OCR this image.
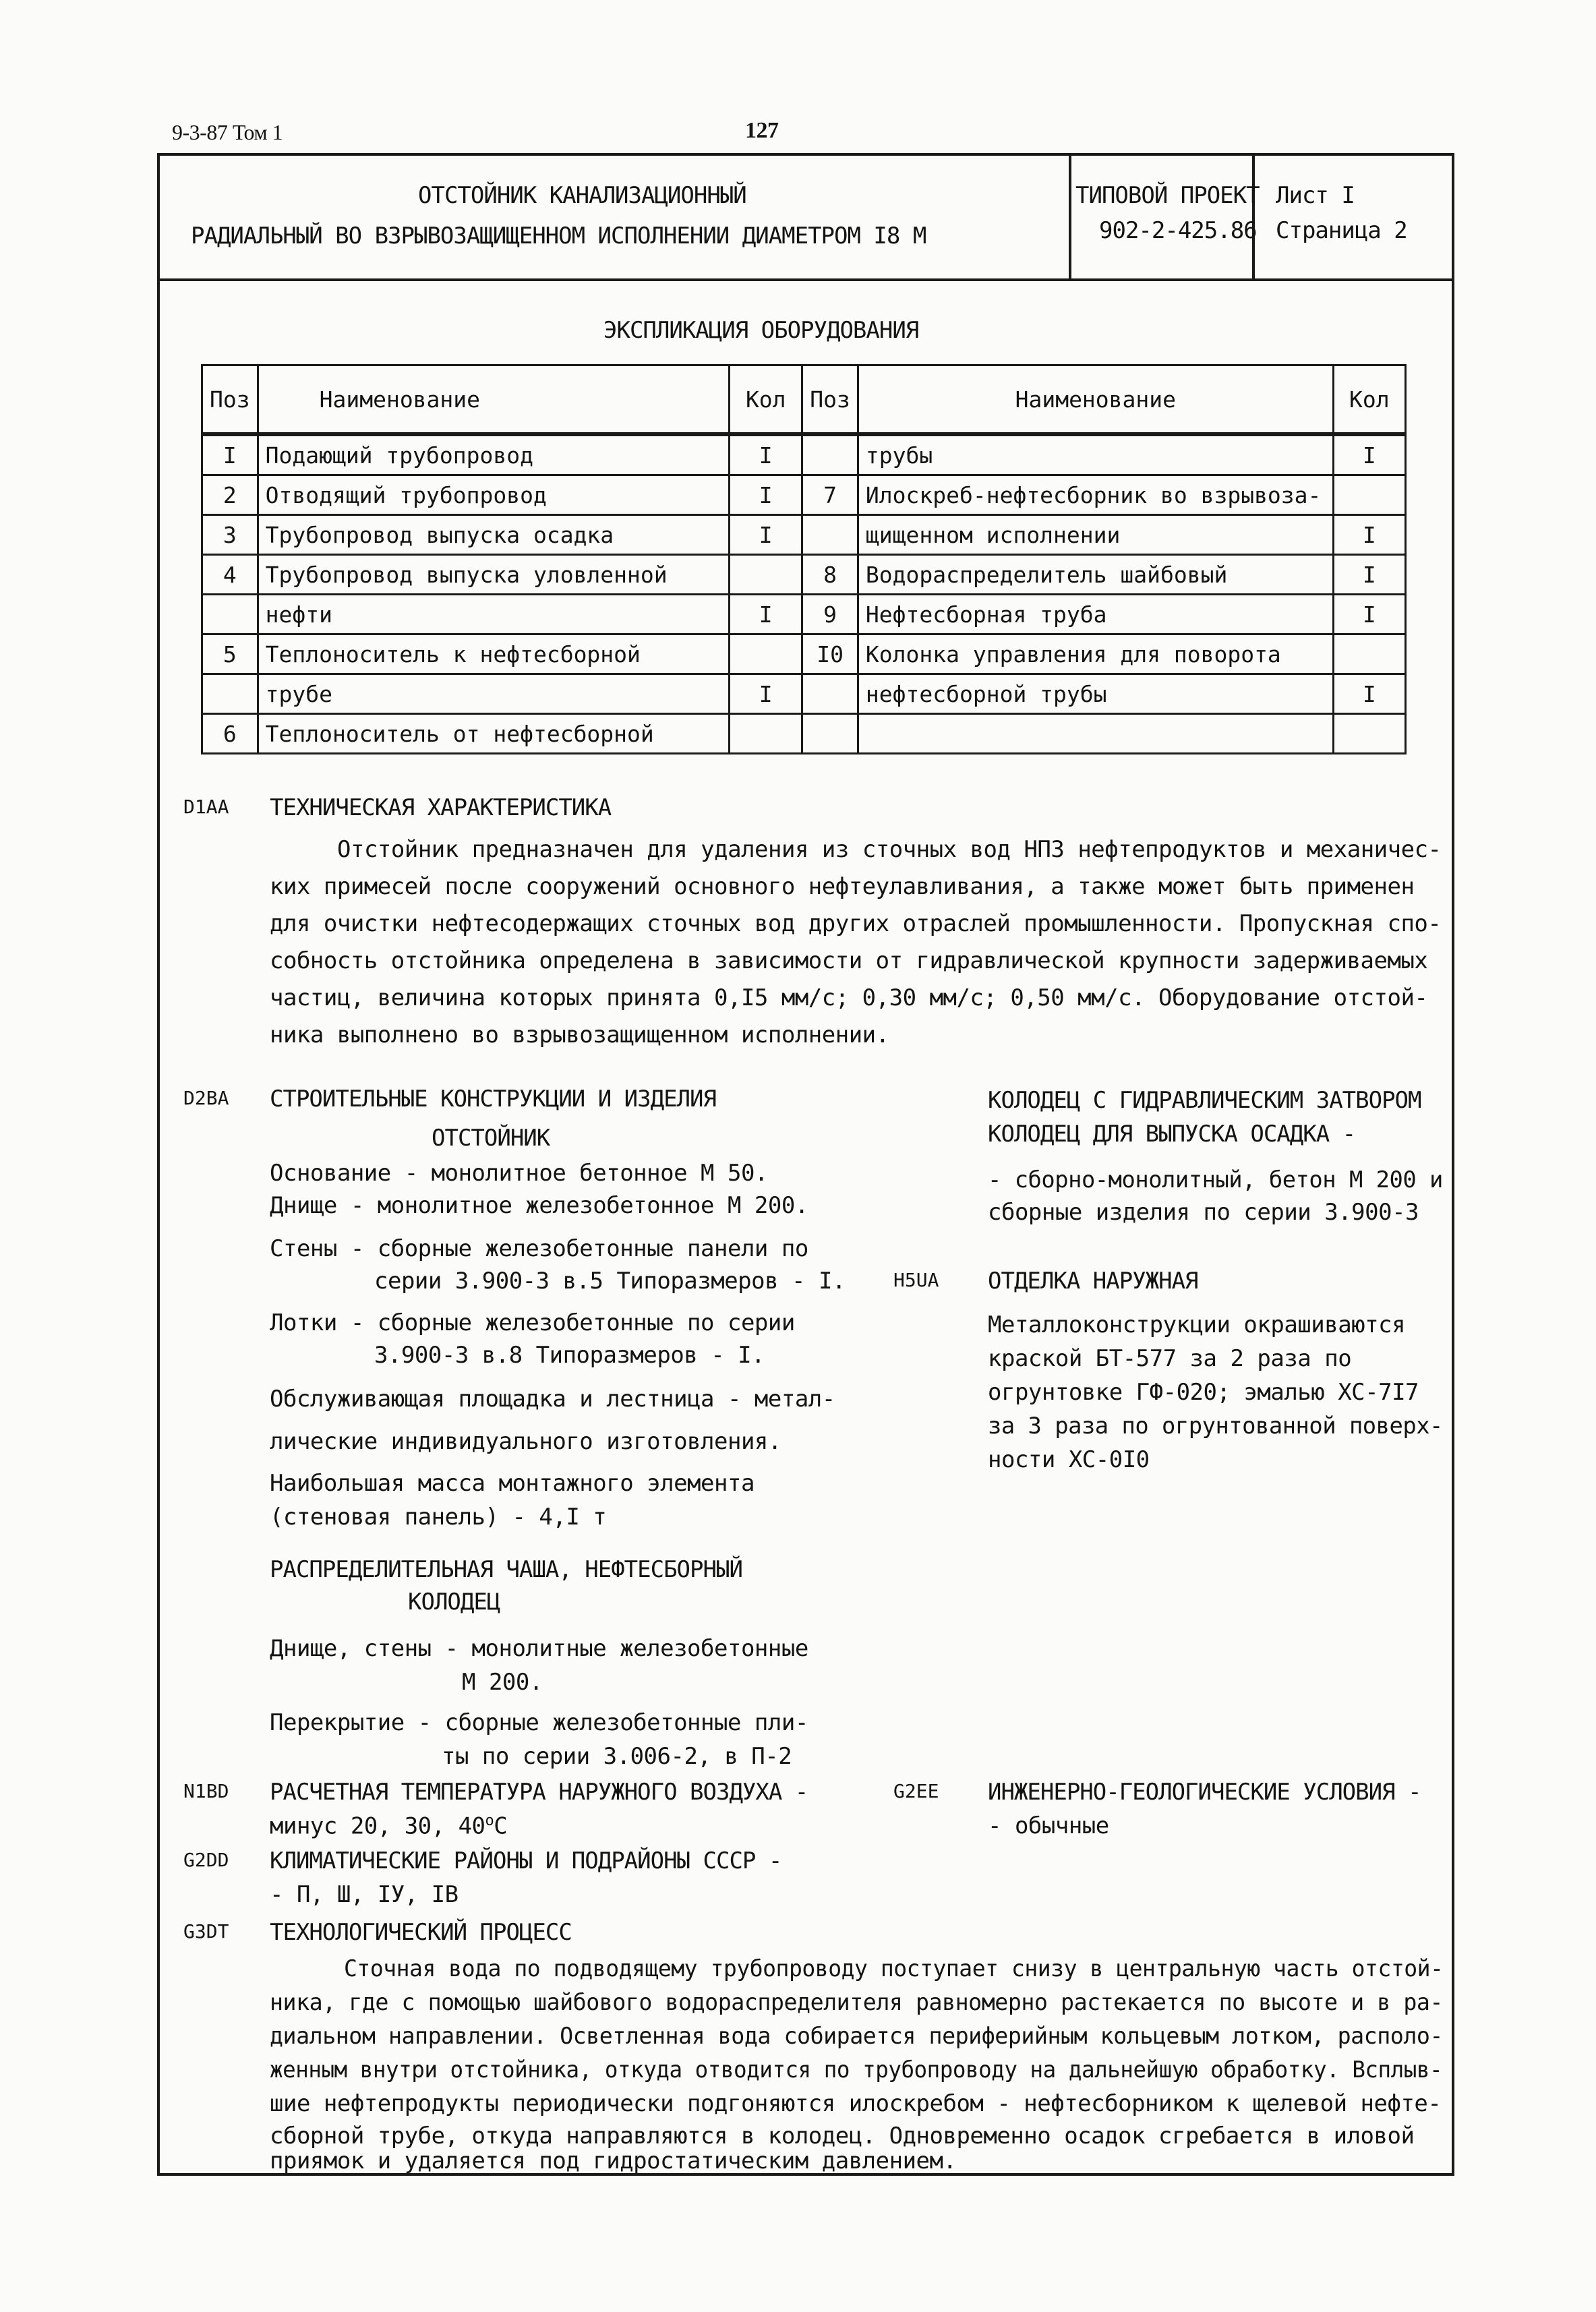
9-3-87 Том 1	127
ОТСТОЙНИК КАНАЛИЗАЦИОННЫЙ
РАДИАЛЬНЫЙ ВО ВЗРЫВОЗАЩИЩЕННОМ ИСПОЛНЕНИИ ДИАМЕТРОМ I8 М
ТИПОВОЙ ПРОЕКТ
902-2-425.86
Лист I
Страница 2
ЭКСПЛИКАЦИЯ ОБОРУДОВАНИЯ
Поз	Наименование	Кол	Поз	Наименование	Кол
I	Подающий трубопровод	I		трубы	I
2	Отводящий трубопровод	I	7	Илоскреб-нефтесборник во взрывоза-	
3	Трубопровод выпуска осадка	I		щищенном исполнении	I
4	Трубопровод выпуска уловленной		8	Водораспределитель шайбовый	I
	нефти	I	9	Нефтесборная труба	I
5	Теплоноситель к нефтесборной		I0	Колонка управления для поворота	
	трубе	I		нефтесборной трубы	I
6	Теплоноситель от нефтесборной				
D1AA ТЕХНИЧЕСКАЯ ХАРАКТЕРИСТИКА
Отстойник предназначен для удаления из сточных вод НПЗ нефтепродуктов и механичес-
ких примесей после сооружений основного нефтеулавливания, а также может быть применен
для очистки нефтесодержащих сточных вод других отраслей промышленности. Пропускная спо-
собность отстойника определена в зависимости от гидравлической крупности задерживаемых
частиц, величина которых принята 0,I5 мм/с; 0,30 мм/с; 0,50 мм/с. Оборудование отстой-
ника выполнено во взрывозащищенном исполнении.
D2BA СТРОИТЕЛЬНЫЕ КОНСТРУКЦИИ И ИЗДЕЛИЯ
ОТСТОЙНИК
Основание - монолитное бетонное М 50.
Днище - монолитное железобетонное М 200.
Стены - сборные железобетонные панели по
серии 3.900-3 в.5 Типоразмеров - I.
Лотки - сборные железобетонные по серии
3.900-3 в.8 Типоразмеров - I.
Обслуживающая площадка и лестница - метал-
лические индивидуального изготовления.
Наибольшая масса монтажного элемента
(стеновая панель) - 4,I т
РАСПРЕДЕЛИТЕЛЬНАЯ ЧАША, НЕФТЕСБОРНЫЙ
КОЛОДЕЦ
Днище, стены - монолитные железобетонные
М 200.
Перекрытие - сборные железобетонные пли-
ты по серии 3.006-2, в П-2
КОЛОДЕЦ С ГИДРАВЛИЧЕСКИМ ЗАТВОРОМ
КОЛОДЕЦ ДЛЯ ВЫПУСКА ОСАДКА -
- сборно-монолитный, бетон М 200 и
сборные изделия по серии 3.900-3
H5UA ОТДЕЛКА НАРУЖНАЯ
Металлоконструкции окрашиваются
краской БТ-577 за 2 раза по
огрунтовке ГФ-020; эмалью ХС-7I7
за 3 раза по огрунтованной поверх-
ности ХС-0I0
N1BD РАСЧЕТНАЯ ТЕМПЕРАТУРА НАРУЖНОГО ВОЗДУХА -
минус 20, 30, $40^оС$
G2EE ИНЖЕНЕРНО-ГЕОЛОГИЧЕСКИЕ УСЛОВИЯ -
- обычные
G2DD КЛИМАТИЧЕСКИЕ РАЙОНЫ И ПОДРАЙОНЫ СССР -
- П, Ш, IУ, IВ
G3DT ТЕХНОЛОГИЧЕСКИЙ ПРОЦЕСС
Сточная вода по подводящему трубопроводу поступает снизу в центральную часть отстой-
ника, где с помощью шайбового водораспределителя равномерно растекается по высоте и в ра-
диальном направлении. Осветленная вода собирается периферийным кольцевым лотком, располо-
женным внутри отстойника, откуда отводится по трубопроводу на дальнейшую обработку. Всплыв-
шие нефтепродукты периодически подгоняются илоскребом - нефтесборником к щелевой нефте-
сборной трубе, откуда направляются в колодец. Одновременно осадок сгребается в иловой
приямок и удаляется под гидростатическим давлением.
